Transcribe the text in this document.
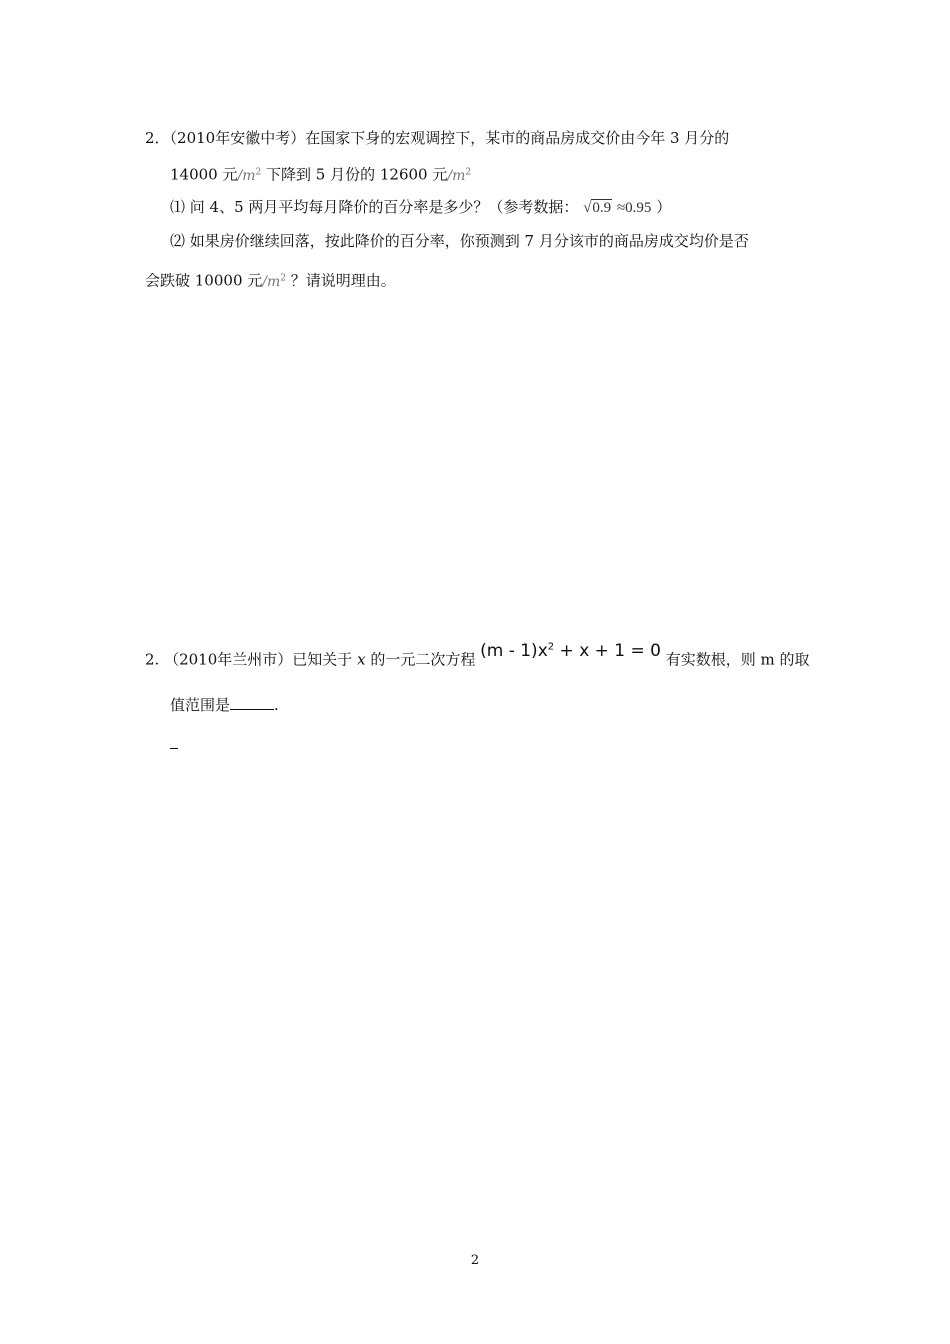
2．（2010年安徽中考）在国家下身的宏观调控下，某市的商品房成交价由今年 3 月分的
14000 元$/m^2$ 下降到 5 月份的 12600 元$/m^2$
⑴ 问 4、5 两月平均每月降价的百分率是多少？（参考数据： √0.9 ≈0.95 ）
⑵ 如果房价继续回落，按此降价的百分率，你预测到 7 月分该市的商品房成交均价是否
会跌破 10000 元$/m^2$ ？请说明理由。
2. （2010年兰州市）已知关于 x 的一元二次方程 $(m - 1)x^2 + x + 1 = 0$ 有实数根，则 m 的取
值范围是	.
2
